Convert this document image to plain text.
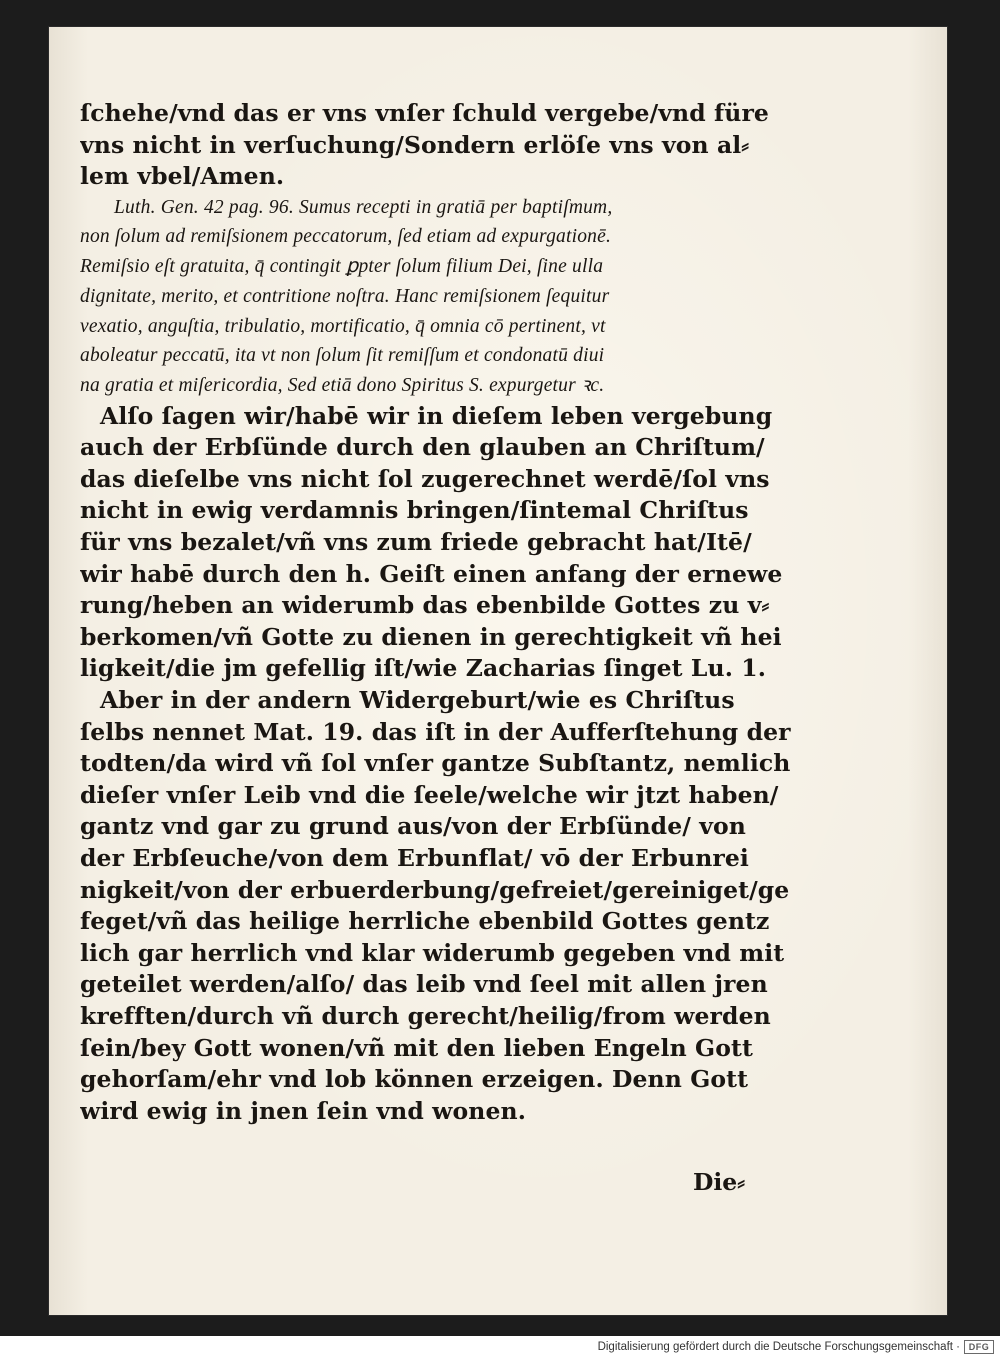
ſchehe/vnd das er vns vnſer ſchuld vergebe/vnd füre

vns nicht in verſuchung/Sondern erlöſe vns von al⸗

lem vbel/Amen.

Luth. Gen. 42 pag. 96. Sumus recepti in gratiā per baptiſmum,

non ſolum ad remiſsionem peccatorum, ſed etiam ad expurgationē.

Remiſsio eſt gratuita, q̄ contingit ꝑpter ſolum filium Dei, ſine ulla

dignitate, merito, et contritione noſtra. Hanc remiſsionem ſequitur

vexatio, anguſtia, tribulatio, mortificatio, q̄ omnia cō pertinent, vt

aboleatur peccatū, ita vt non ſolum ſit remiſſum et condonatū diui

na gratia et miſericordia, Sed etiā dono Spiritus S. expurgetur ꝛc.

Alſo ſagen wir/habē wir in dieſem leben vergebung

auch der Erbſünde durch den glauben an Chriſtum/

das dieſelbe vns nicht ſol zugerechnet werdē/ſol vns

nicht in ewig verdamnis bringen/ſintemal Chriſtus

für vns bezalet/vñ vns zum friede gebracht hat/Itē/

wir habē durch den h. Geiſt einen anfang der ernewe

rung/heben an widerumb das ebenbilde Gottes zu v⸗

berkomen/vñ Gotte zu dienen in gerechtigkeit vñ hei

ligkeit/die jm gefellig iſt/wie Zacharias ſinget Lu. 1.

Aber in der andern Widergeburt/wie es Chriſtus

ſelbs nennet Mat. 19. das iſt in der Aufferſtehung der

todten/da wird vñ ſol vnſer gantze Subſtantz, nemlich

dieſer vnſer Leib vnd die ſeele/welche wir jtzt haben/

gantz vnd gar zu grund aus/von der Erbſünde/ von

der Erbſeuche/von dem Erbunflat/ vō der Erbunrei

nigkeit/von der erbuerderbung/gefreiet/gereiniget/ge

feget/vñ das heilige herrliche ebenbild Gottes gentz

lich gar herrlich vnd klar widerumb gegeben vnd mit

geteilet werden/alſo/ das leib vnd ſeel mit allen jren

krefften/durch vñ durch gerecht/heilig/from werden

ſein/bey Gott wonen/vñ mit den lieben Engeln Gott

gehorſam/ehr vnd lob können erzeigen. Denn Gott

wird ewig in jnen ſein vnd wonen.

Die⸗
Digitalisierung gefördert durch die Deutsche Forschungsgemeinschaft · DFG
